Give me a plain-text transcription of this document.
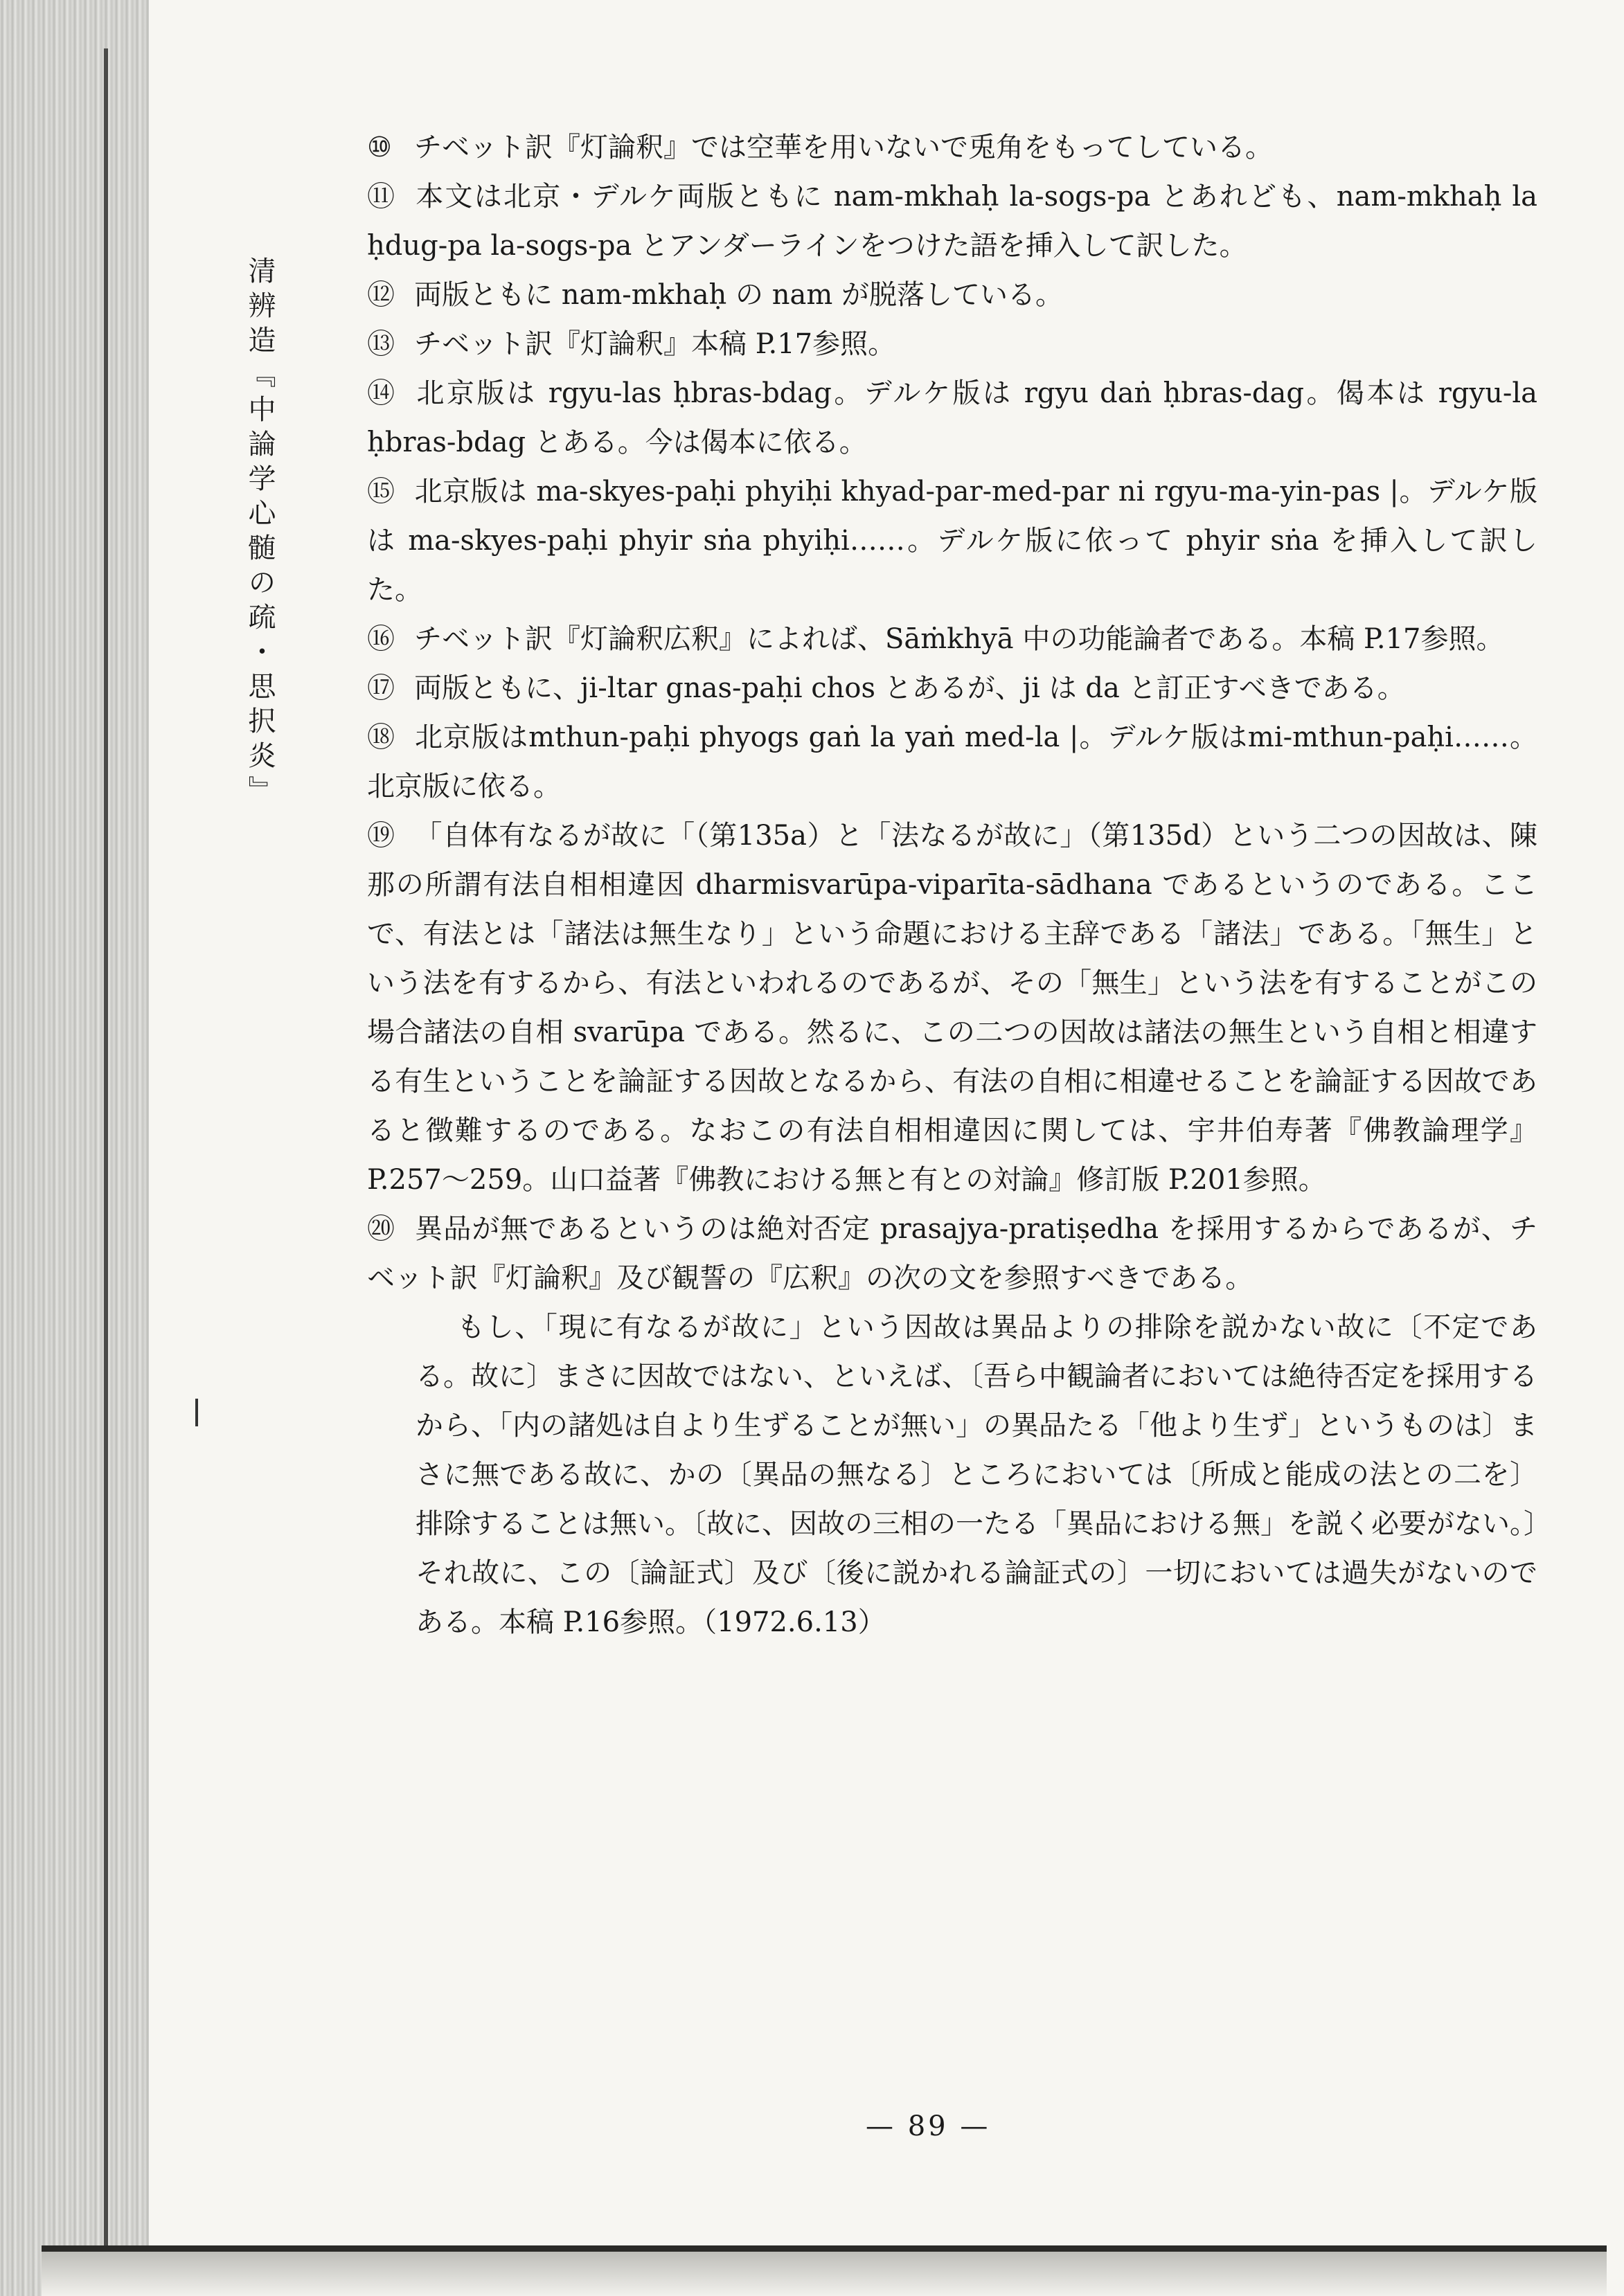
清辨造『中論学心髄の疏・思択炎』
⑩ チベット訳『灯論釈』では空華を用いないで兎角をもってしている。
⑪ 本文は北京・デルケ両版ともに nam-mkhaḥ la-sogs-pa とあれども、nam-mkhaḥ la ḥdug-pa la-sogs-pa とアンダーラインをつけた語を挿入して訳した。
⑫ 両版ともに nam-mkhaḥ の nam が脱落している。
⑬ チベット訳『灯論釈』本稿 P.17参照。
⑭ 北京版は rgyu-las ḥbras-bdag。デルケ版は rgyu daṅ ḥbras-dag。偈本は rgyu-la ḥbras-bdag とある。今は偈本に依る。
⑮ 北京版は ma-skyes-paḥi phyiḥi khyad-par-med-par ni rgyu-ma-yin-pas |。デルケ版は ma-skyes-paḥi phyir sṅa phyiḥi……。デルケ版に依って phyir sṅa を挿入して訳した。
⑯ チベット訳『灯論釈広釈』によれば、Sāṁkhyā 中の功能論者である。本稿 P.17参照。
⑰ 両版ともに、ji-ltar gnas-paḥi chos とあるが、ji は da と訂正すべきである。
⑱ 北京版はmthun-paḥi phyogs gaṅ la yaṅ med-la |。デルケ版はmi-mthun-paḥi……。北京版に依る。
⑲ 「自体有なるが故に「（第135a）と「法なるが故に」（第135d）という二つの因故は、陳那の所謂有法自相相違因 dharmisvarūpa-viparīta-sādhana であるというのである。ここで、有法とは「諸法は無生なり」という命題における主辞である「諸法」である。「無生」という法を有するから、有法といわれるのであるが、その「無生」という法を有することがこの場合諸法の自相 svarūpa である。然るに、この二つの因故は諸法の無生という自相と相違する有生ということを論証する因故となるから、有法の自相に相違せることを論証する因故であると徴難するのである。なおこの有法自相相違因に関しては、宇井伯寿著『佛教論理学』P.257～259。山口益著『佛教における無と有との対論』修訂版 P.201参照。
⑳ 異品が無であるというのは絶対否定 prasajya-pratiṣedha を採用するからであるが、チベット訳『灯論釈』及び観誓の『広釈』の次の文を参照すべきである。
もし、「現に有なるが故に」という因故は異品よりの排除を説かない故に〔不定である。故に〕まさに因故ではない、といえば、〔吾ら中観論者においては絶待否定を採用するから、「内の諸処は自より生ずることが無い」の異品たる「他より生ず」というものは〕まさに無である故に、かの〔異品の無なる〕ところにおいては〔所成と能成の法との二を〕排除することは無い。〔故に、因故の三相の一たる「異品における無」を説く必要がない。〕それ故に、この〔論証式〕及び〔後に説かれる論証式の〕一切においては過失がないのである。本稿 P.16参照。（1972.6.13）
— 89 —
